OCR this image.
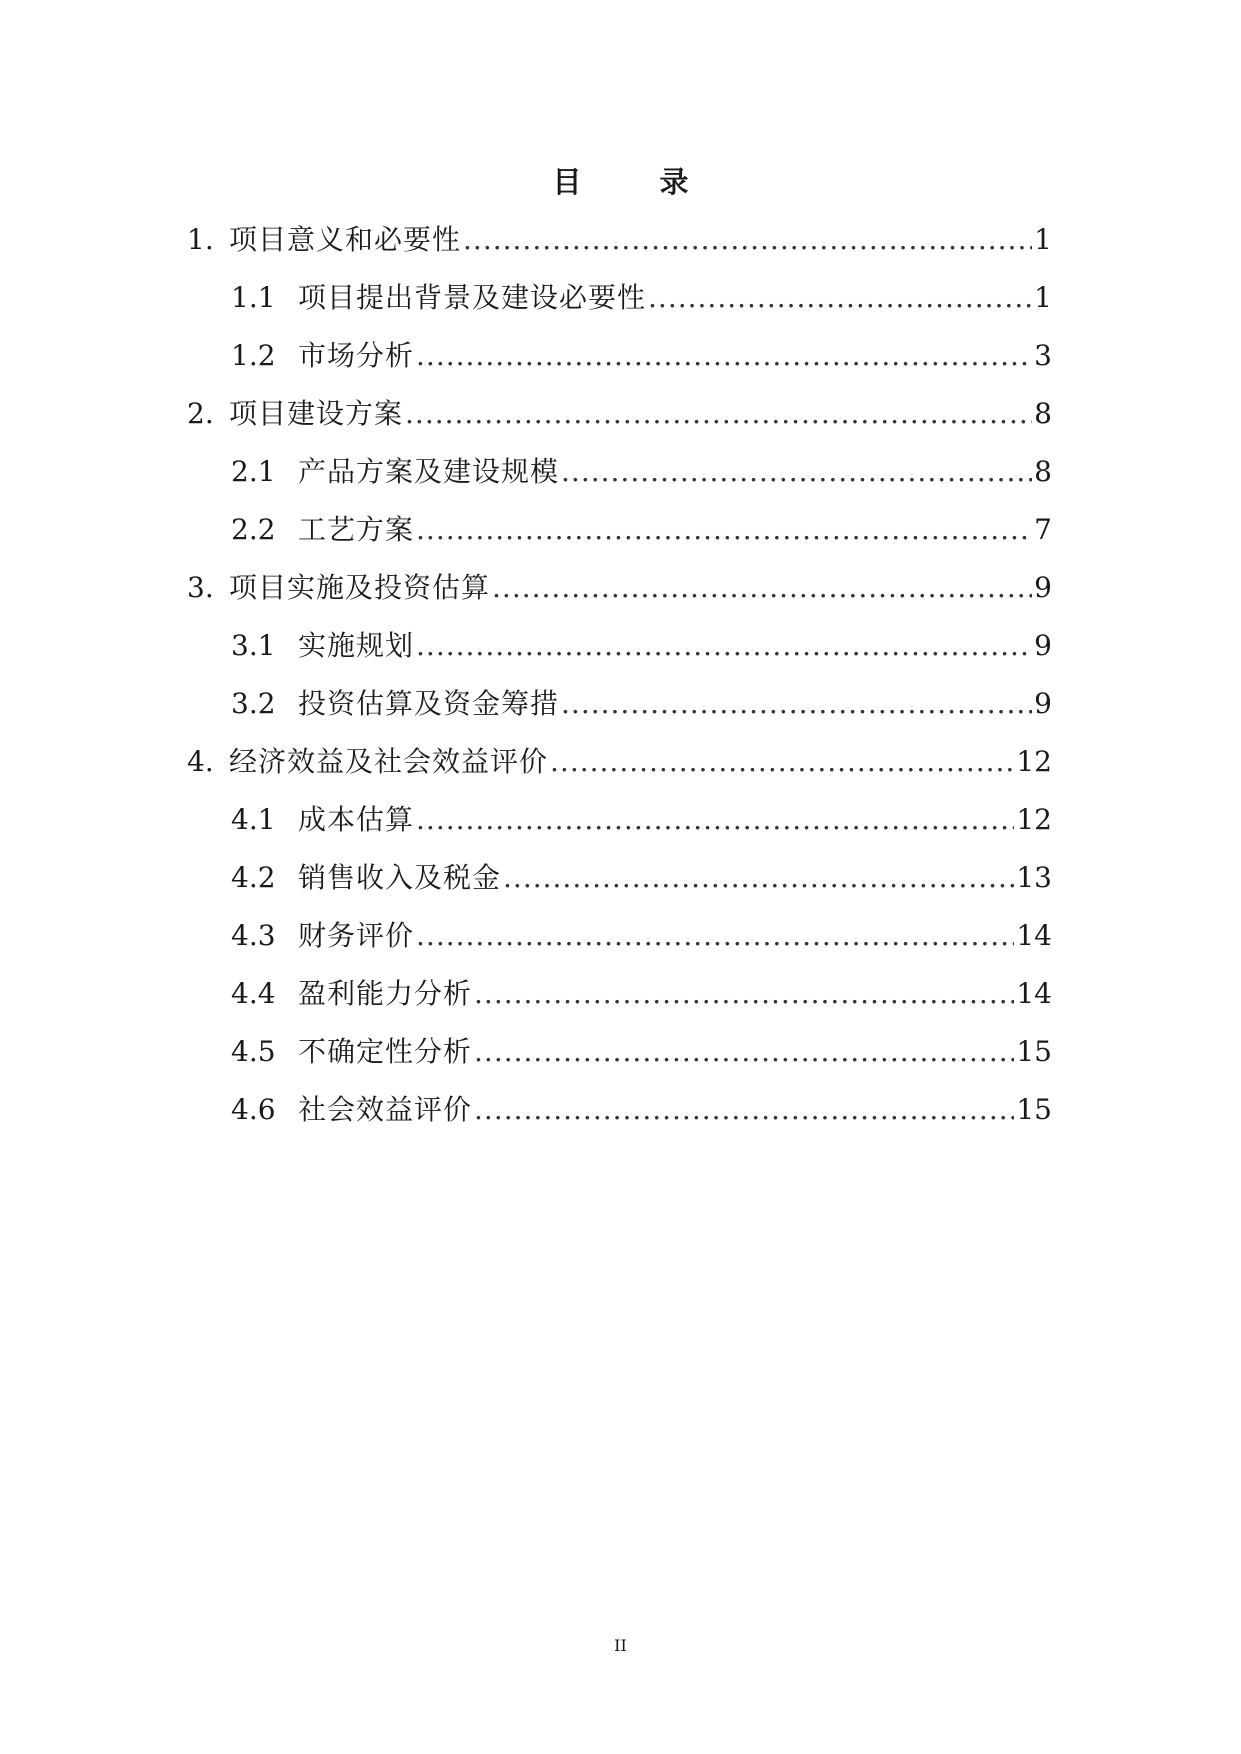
目 录
1. 项目意义和必要性 .....	1
1.1 项目提出背景及建设必要性 .....	1
1.2 市场分析 .....	3
2. 项目建设方案 .....	8
2.1 产品方案及建设规模 .....	8
2.2 工艺方案 .....	7
3. 项目实施及投资估算 .....	9
3.1 实施规划 .....	9
3.2 投资估算及资金筹措 .....	9
4. 经济效益及社会效益评价 .....	12
4.1 成本估算 .....	12
4.2 销售收入及税金 .....	13
4.3 财务评价 .....	14
4.4 盈利能力分析 .....	14
4.5 不确定性分析 .....	15
4.6 社会效益评价 .....	15
II
